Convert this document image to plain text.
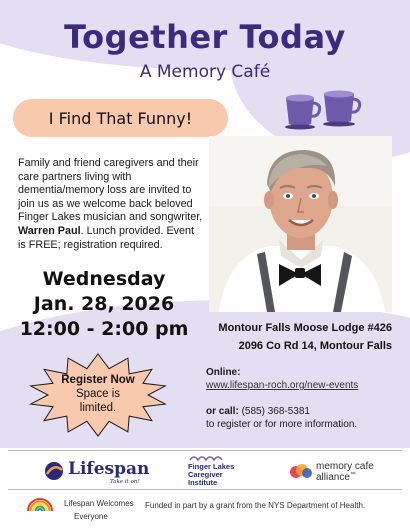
Together Today
A Memory Café
I Find That Funny!

Family and friend caregivers and their care partners living with dementia/memory loss are invited to join us as we welcome back beloved Finger Lakes musician and songwriter, Warren Paul. Lunch provided. Event is FREE; registration required.

Wednesday
Jan. 28, 2026
12:00 - 2:00 pm	Montour Falls Moose Lodge #426
2096 Co Rd 14, Montour Falls
Register Now
Space is
limited.
Online:
www.lifespan-roch.org/new-events
or call: (585) 368-5381
to register or for more information.
Lifespan
Take it on!
Finger Lakes
Caregiver
Institute
memory cafe
alliance™
Lifespan Welcomes
Everyone
Funded in part by a grant from the NYS Department of Health.
